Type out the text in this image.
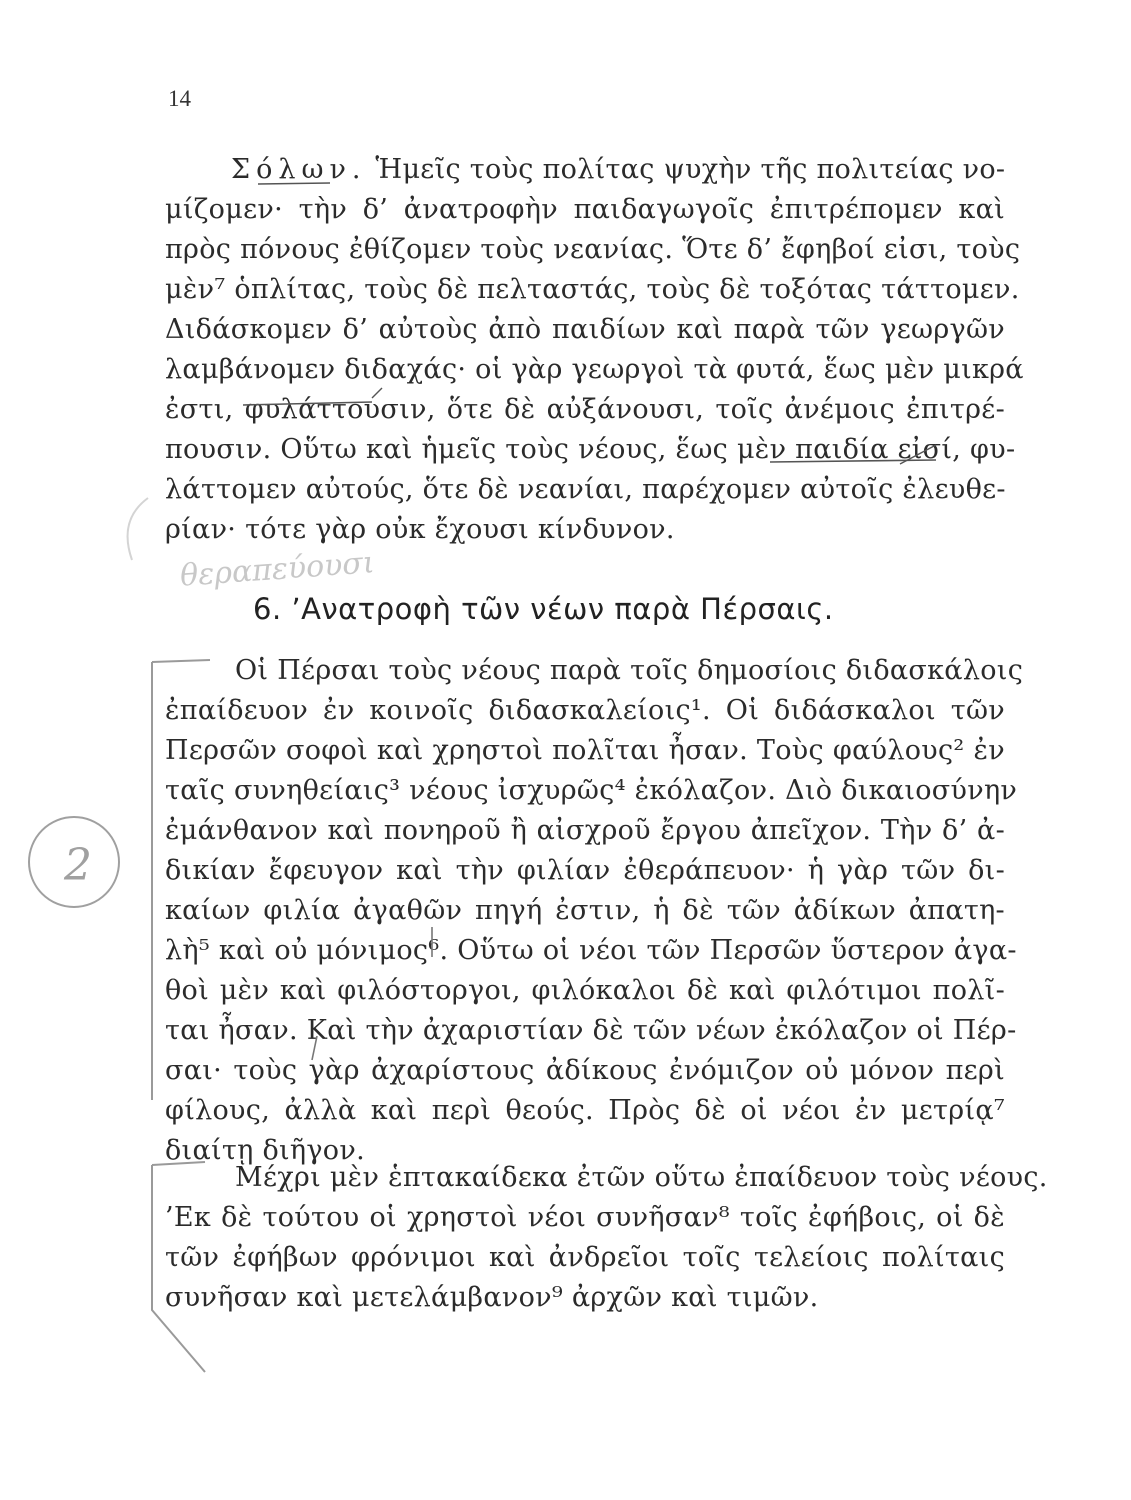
14
Σόλων. Ἡμεῖς τοὺς πολίτας ψυχὴν τῆς πολιτείας νο-
μίζομεν· τὴν δ’ ἀνατροφὴν παιδαγωγοῖς ἐπιτρέπομεν καὶ
πρὸς πόνους ἐθίζομεν τοὺς νεανίας. Ὅτε δ’ ἔφηβοί εἰσι, τοὺς
μὲν⁷ ὁπλίτας, τοὺς δὲ πελταστάς, τοὺς δὲ τοξότας τάττομεν.
Διδάσκομεν δ’ αὐτοὺς ἀπὸ παιδίων καὶ παρὰ τῶν γεωργῶν
λαμβάνομεν διδαχάς· οἱ γὰρ γεωργοὶ τὰ φυτά, ἕως μὲν μικρά
ἐστι, φυλάττουσιν, ὅτε δὲ αὐξάνουσι, τοῖς ἀνέμοις ἐπιτρέ-
πουσιν. Οὕτω καὶ ἡμεῖς τοὺς νέους, ἕως μὲν παιδία εἰσί, φυ-
λάττομεν αὐτούς, ὅτε δὲ νεανίαι, παρέχομεν αὐτοῖς ἐλευθε-
ρίαν· τότε γὰρ οὐκ ἔχουσι κίνδυνον.
θεραπεύουσι
6. ’Ανατροφὴ τῶν νέων παρὰ Πέρσαις.
Οἱ Πέρσαι τοὺς νέους παρὰ τοῖς δημοσίοις διδασκάλοις
ἐπαίδευον ἐν κοινοῖς διδασκαλείοις¹. Οἱ διδάσκαλοι τῶν
Περσῶν σοφοὶ καὶ χρηστοὶ πολῖται ἦσαν. Τοὺς φαύλους² ἐν
ταῖς συνηθείαις³ νέους ἰσχυρῶς⁴ ἐκόλαζον. Διὸ δικαιοσύνην
ἐμάνθανον καὶ πονηροῦ ἢ αἰσχροῦ ἔργου ἀπεῖχον. Τὴν δ’ ἀ-
δικίαν ἔφευγον καὶ τὴν φιλίαν ἐθεράπευον· ἡ γὰρ τῶν δι-
καίων φιλία ἀγαθῶν πηγή ἐστιν, ἡ δὲ τῶν ἀδίκων ἀπατη-
λὴ⁵ καὶ οὐ μόνιμος⁶. Οὕτω οἱ νέοι τῶν Περσῶν ὕστερον ἀγα-
θοὶ μὲν καὶ φιλόστοργοι, φιλόκαλοι δὲ καὶ φιλότιμοι πολῖ-
ται ἦσαν. Καὶ τὴν ἀχαριστίαν δὲ τῶν νέων ἐκόλαζον οἱ Πέρ-
σαι· τοὺς γὰρ ἀχαρίστους ἀδίκους ἐνόμιζον οὐ μόνον περὶ
φίλους, ἀλλὰ καὶ περὶ θεούς. Πρὸς δὲ οἱ νέοι ἐν μετρίᾳ⁷
διαίτῃ διῆγον.
Μέχρι μὲν ἑπτακαίδεκα ἐτῶν οὕτω ἐπαίδευον τοὺς νέους.
’Εκ δὲ τούτου οἱ χρηστοὶ νέοι συνῆσαν⁸ τοῖς ἐφήβοις, οἱ δὲ
τῶν ἐφήβων φρόνιμοι καὶ ἀνδρεῖοι τοῖς τελείοις πολίταις
συνῆσαν καὶ μετελάμβανον⁹ ἀρχῶν καὶ τιμῶν.
2
